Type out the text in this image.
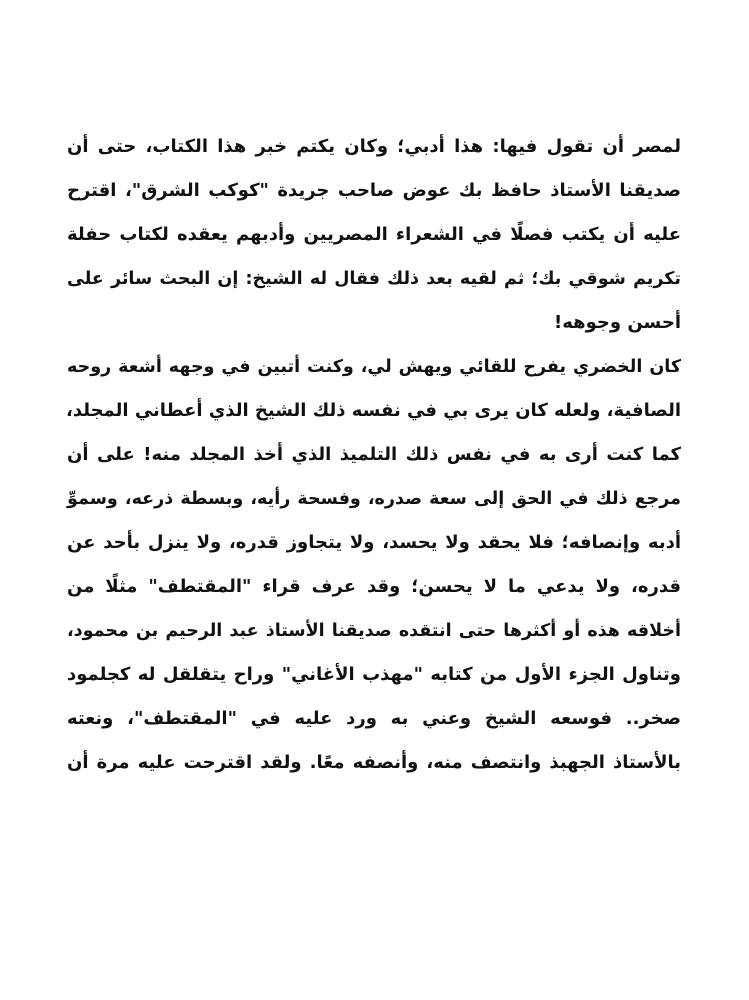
لمصر أن تقول فيها: هذا أدبي؛ وكان يكتم خبر هذا الكتاب، حتى أن
صديقنا الأستاذ حافظ بك عوض صاحب جريدة "كوكب الشرق"، اقترح
عليه أن يكتب فصلًا في الشعراء المصريين وأدبهم يعقده لكتاب حفلة
تكريم شوقي بك؛ ثم لقيه بعد ذلك فقال له الشيخ: إن البحث سائر على
أحسن وجوهه!
كان الخضري يفرح للقائي ويهش لي، وكنت أتبين في وجهه أشعة روحه
الصافية، ولعله كان يرى بي في نفسه ذلك الشيخ الذي أعطاني المجلد،
كما كنت أرى به في نفس ذلك التلميذ الذي أخذ المجلد منه! على أن
مرجع ذلك في الحق إلى سعة صدره، وفسحة رأيه، وبسطة ذرعه، وسموِّ
أدبه وإنصافه؛ فلا يحقد ولا يحسد، ولا يتجاوز قدره، ولا ينزل بأحد عن
قدره، ولا يدعي ما لا يحسن؛ وقد عرف قراء "المقتطف" مثلًا من
أخلاقه هذه أو أكثرها حتى انتقده صديقنا الأستاذ عبد الرحيم بن محمود،
وتناول الجزء الأول من كتابه "مهذب الأغاني" وراح يتقلقل له كجلمود
صخر.. فوسعه الشيخ وعني به ورد عليه في "المقتطف"، ونعته
بالأستاذ الجهبذ وانتصف منه، وأنصفه معًا. ولقد اقترحت عليه مرة أن
